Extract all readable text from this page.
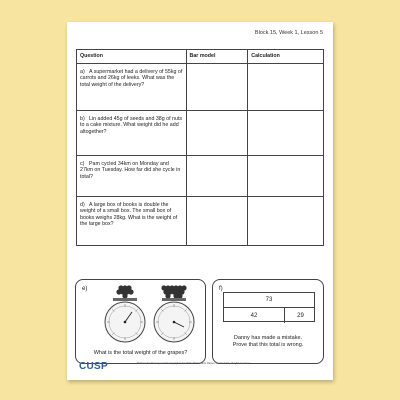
Block 15, Week 1, Lesson 5
Question	Bar model	Calculation
a) A supermarket had a delivery of 55kg of carrots and 26kg of leeks. What was the total weight of the delivery?		
b) Lin added 45g of seeds and 38g of nuts to a cake mixture. What weight did he add altogether?		
c) Pam cycled 34km on Monday and 27km on Tuesday. How far did she cycle in total?		
d) A large box of books is double the weight of a small box. The small box of books weighs 28kg. What is the weight of the large box?		
e)
What is the total weight of the grapes?
f)
73
42	29
Danny has made a mistake.
Prove that this total is wrong.
CUSP	Mathematics Mastery and Ark copyright © Ark 2023. Mathematics Mastery is part of Ark, all rights reserved.
